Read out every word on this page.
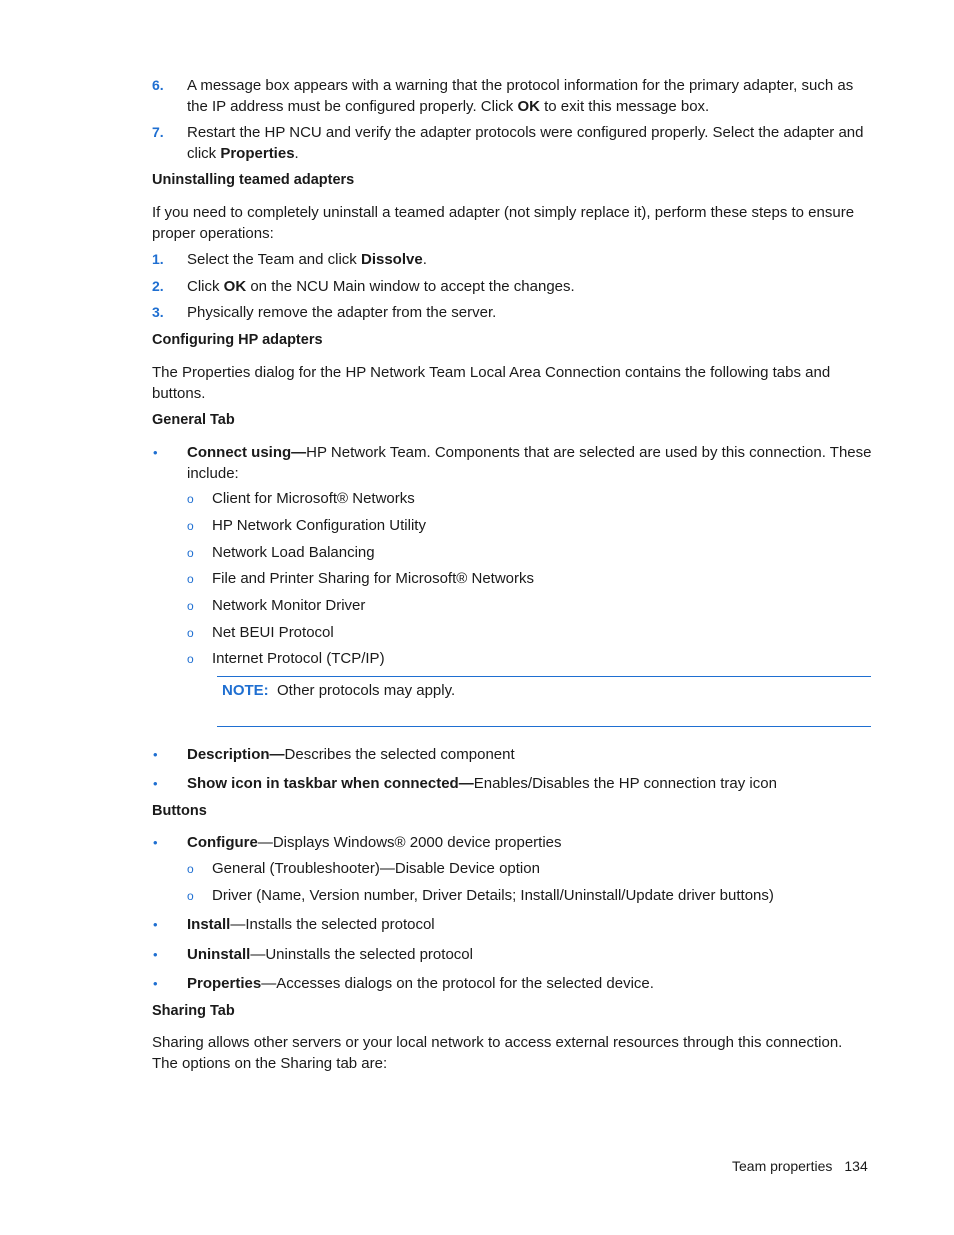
6. A message box appears with a warning that the protocol information for the primary adapter, such as the IP address must be configured properly. Click OK to exit this message box.
7. Restart the HP NCU and verify the adapter protocols were configured properly. Select the adapter and click Properties.
Uninstalling teamed adapters
If you need to completely uninstall a teamed adapter (not simply replace it), perform these steps to ensure proper operations:
1. Select the Team and click Dissolve.
2. Click OK on the NCU Main window to accept the changes.
3. Physically remove the adapter from the server.
Configuring HP adapters
The Properties dialog for the HP Network Team Local Area Connection contains the following tabs and buttons.
General Tab
• Connect using—HP Network Team. Components that are selected are used by this connection. These include:
o Client for Microsoft® Networks
o HP Network Configuration Utility
o Network Load Balancing
o File and Printer Sharing for Microsoft® Networks
o Network Monitor Driver
o Net BEUI Protocol
o Internet Protocol (TCP/IP)
NOTE: Other protocols may apply.
• Description—Describes the selected component
• Show icon in taskbar when connected—Enables/Disables the HP connection tray icon
Buttons
• Configure—Displays Windows® 2000 device properties
o General (Troubleshooter)—Disable Device option
o Driver (Name, Version number, Driver Details; Install/Uninstall/Update driver buttons)
• Install—Installs the selected protocol
• Uninstall—Uninstalls the selected protocol
• Properties—Accesses dialogs on the protocol for the selected device.
Sharing Tab
Sharing allows other servers or your local network to access external resources through this connection. The options on the Sharing tab are:
Team properties 134
